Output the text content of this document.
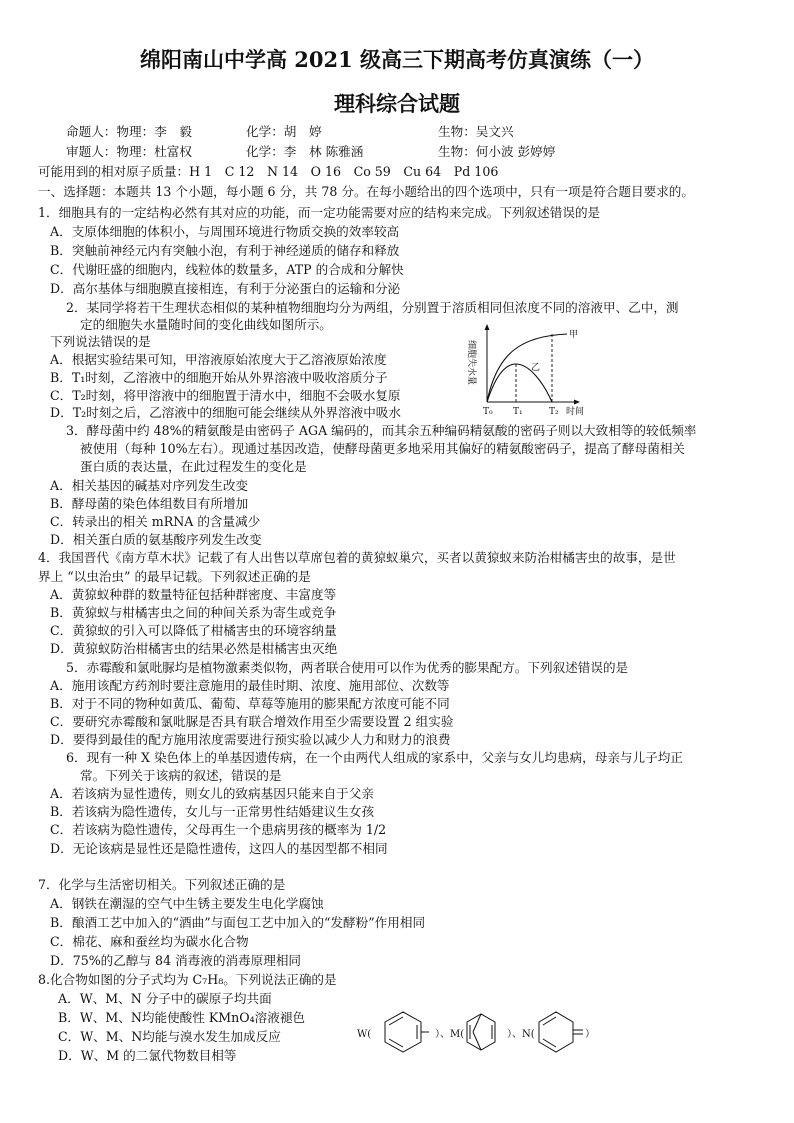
绵阳南山中学高 2021 级高三下期高考仿真演练（一）
理科综合试题
命题人：物理：李　毅	化学：胡　婷	生物：吴文兴
审题人：物理：杜富权	化学：李　林 陈雅涵	生物：何小波 彭婷婷
可能用到的相对原子质量：H 1　C 12　N 14　O 16　Co 59　Cu 64　Pd 106
一、选择题：本题共 13 个小题，每小题 6 分，共 78 分。在每小题给出的四个选项中，只有一项是符合题目要求的。
1．细胞具有的一定结构必然有其对应的功能，而一定功能需要对应的结构来完成。下列叙述错误的是
A．支原体细胞的体积小，与周围环境进行物质交换的效率较高
B．突触前神经元内有突触小泡，有利于神经递质的储存和释放
C．代谢旺盛的细胞内，线粒体的数量多，ATP 的合成和分解快
D．高尔基体与细胞膜直接相连，有利于分泌蛋白的运输和分泌
2．某同学将若干生理状态相似的某种植物细胞均分为两组，分别置于溶质相同但浓度不同的溶液甲、乙中，测
定的细胞失水量随时间的变化曲线如图所示。
下列说法错误的是
A．根据实验结果可知，甲溶液原始浓度大于乙溶液原始浓度
B．T₁时刻，乙溶液中的细胞开始从外界溶液中吸收溶质分子
C．T₂时刻，将甲溶液中的细胞置于清水中，细胞不会吸水复原
D．T₂时刻之后，乙溶液中的细胞可能会继续从外界溶液中吸水
细胞失水量
时间
甲
乙
T₀ T₁	T₂
3．酵母菌中约 48%的精氨酸是由密码子 AGA 编码的，而其余五种编码精氨酸的密码子则以大致相等的较低频率
被使用（每种 10%左右）。现通过基因改造，使酵母菌更多地采用其偏好的精氨酸密码子，提高了酵母菌相关
蛋白质的表达量，在此过程发生的变化是
A．相关基因的碱基对序列发生改变
B．酵母菌的染色体组数目有所增加
C．转录出的相关 mRNA 的含量减少
D．相关蛋白质的氨基酸序列发生改变
4．我国晋代《南方草木状》记载了有人出售以草席包着的黄猄蚁巢穴，买者以黄猄蚁来防治柑橘害虫的故事，是世
界上 “以虫治虫” 的最早记载。下列叙述正确的是
A．黄猄蚁种群的数量特征包括种群密度、丰富度等
B．黄猄蚁与柑橘害虫之间的种间关系为寄生或竞争
C．黄猄蚁的引入可以降低了柑橘害虫的环境容纳量
D．黄猄蚁防治柑橘害虫的结果必然是柑橘害虫灭绝
5．赤霉酸和氯吡脲均是植物激素类似物，两者联合使用可以作为优秀的膨果配方。下列叙述错误的是
A．施用该配方药剂时要注意施用的最佳时期、浓度、施用部位、次数等
B．对于不同的物种如黄瓜、葡萄、草莓等施用的膨果配方浓度可能不同
C．要研究赤霉酸和氯吡脲是否具有联合增效作用至少需要设置 2 组实验
D．要得到最佳的配方施用浓度需要进行预实验以减少人力和财力的浪费
6．现有一种 X 染色体上的单基因遗传病，在一个由两代人组成的家系中，父亲与女儿均患病，母亲与儿子均正
常。下列关于该病的叙述，错误的是
A．若该病为显性遗传，则女儿的致病基因只能来自于父亲
B．若该病为隐性遗传，女儿与一正常男性结婚建议生女孩
C．若该病为隐性遗传，父母再生一个患病男孩的概率为 1/2
D．无论该病是显性还是隐性遗传，这四人的基因型都不相同
7．化学与生活密切相关。下列叙述正确的是
A．钢铁在潮湿的空气中生锈主要发生电化学腐蚀
B．酿酒工艺中加入的“酒曲”与面包工艺中加入的“发酵粉”作用相同
C．棉花、麻和蚕丝均为碳水化合物
D．75%的乙醇与 84 消毒液的消毒原理相同
8.化合物如图的分子式均为 C₇H₈。下列说法正确的是
A．W、M、N 分子中的碳原子均共面
B．W、M、N均能使酸性 KMnO₄溶液褪色
C．W、M、N均能与溴水发生加成反应
D．W、M 的二氯代物数目相等
W(	）、M(	）、N(	）
